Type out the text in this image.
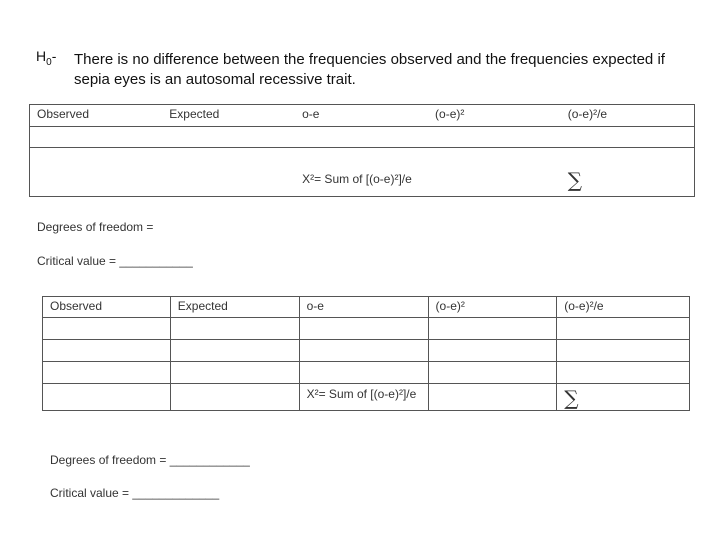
$H_0-$ There is no difference between the frequencies observed and the frequencies expected if sepia eyes is an autosomal recessive trait.
Observed	Expected	o-e	(o-e)²	(o-e)²/e

		X²= Sum of [(o-e)²]/e		∑
Degrees of freedom =
Critical value = ___________
Observed	Expected	o-e	(o-e)²	(o-e)²/e

		X²= Sum of [(o-e)²]/e		∑
Degrees of freedom = ____________
Critical value = _____________
